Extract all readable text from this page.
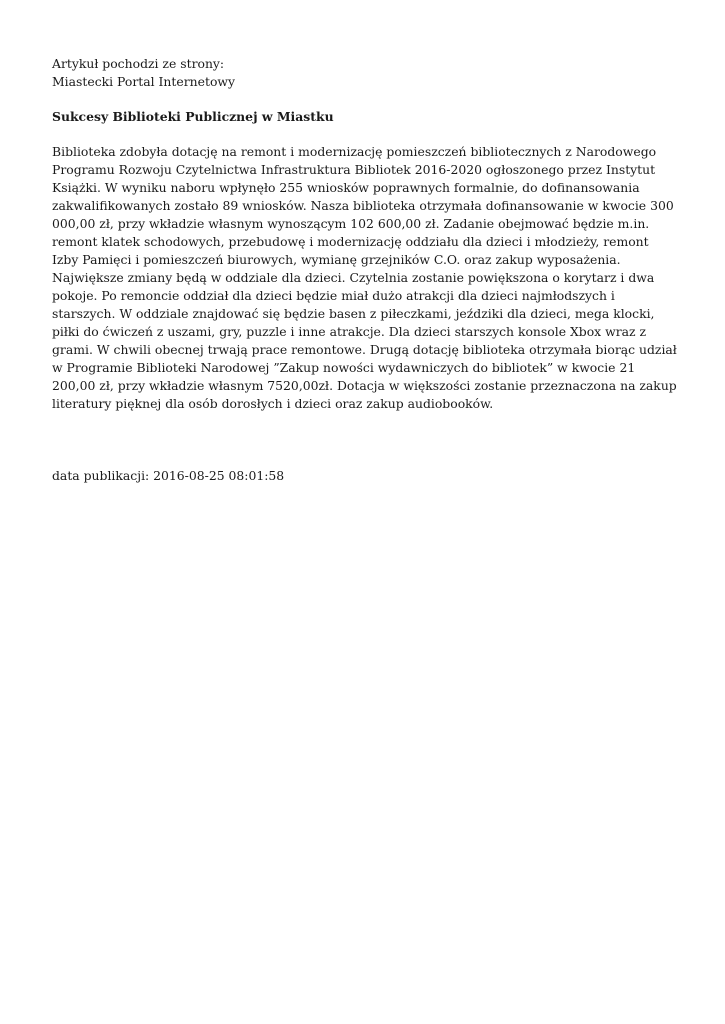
Artykuł pochodzi ze strony:

Miastecki Portal Internetowy

Sukcesy Biblioteki Publicznej w Miastku

Biblioteka zdobyła dotację na remont i modernizację pomieszczeń bibliotecznych z Narodowego Programu Rozwoju Czytelnictwa Infrastruktura Bibliotek 2016-2020 ogłoszonego przez Instytut Książki. W wyniku naboru wpłynęło 255 wniosków poprawnych formalnie, do dofinansowania zakwalifikowanych zostało 89 wniosków. Nasza biblioteka otrzymała dofinansowanie w kwocie 300 000,00 zł, przy wkładzie własnym wynoszącym 102 600,00 zł. Zadanie obejmować będzie m.in. remont klatek schodowych, przebudowę i modernizację oddziału dla dzieci i młodzieży, remont Izby Pamięci i pomieszczeń biurowych, wymianę grzejników C.O. oraz zakup wyposażenia. Największe zmiany będą w oddziale dla dzieci. Czytelnia zostanie powiększona o korytarz i dwa pokoje. Po remoncie oddział dla dzieci będzie miał dużo atrakcji dla dzieci najmłodszych i starszych. W oddziale znajdować się będzie basen z piłeczkami, jeździki dla dzieci, mega klocki, piłki do ćwiczeń z uszami, gry, puzzle i inne atrakcje. Dla dzieci starszych konsole Xbox wraz z grami. W chwili obecnej trwają prace remontowe. Drugą dotację biblioteka otrzymała biorąc udział w Programie Biblioteki Narodowej ”Zakup nowości wydawniczych do bibliotek” w kwocie 21 200,00 zł, przy wkładzie własnym 7520,00zł. Dotacja w większości zostanie przeznaczona na zakup literatury pięknej dla osób dorosłych i dzieci oraz zakup audiobooków.

data publikacji: 2016-08-25 08:01:58
